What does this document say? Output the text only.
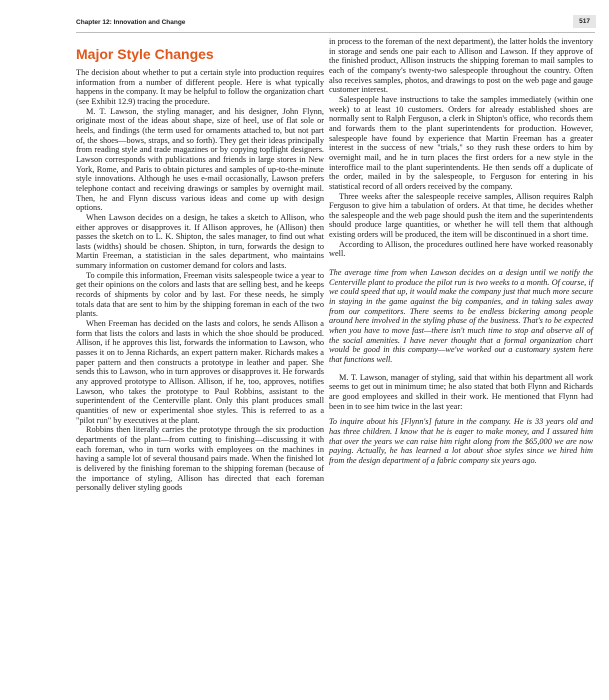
Chapter 12: Innovation and Change	517
Major Style Changes

The decision about whether to put a certain style into production requires information from a number of different people. Here is what typically happens in the company. It may be helpful to follow the organization chart (see Exhibit 12.9) tracing the procedure.

M. T. Lawson, the styling manager, and his designer, John Flynn, originate most of the ideas about shape, size of heel, use of flat sole or heels, and findings (the term used for ornaments attached to, but not part of, the shoes—bows, straps, and so forth). They get their ideas principally from reading style and trade magazines or by copying topflight designers. Lawson corresponds with publications and friends in large stores in New York, Rome, and Paris to obtain pictures and samples of up-to-the-minute style innovations. Although he uses e-mail occasionally, Lawson prefers telephone contact and receiving drawings or samples by overnight mail. Then, he and Flynn discuss various ideas and come up with design options.

When Lawson decides on a design, he takes a sketch to Allison, who either approves or disapproves it. If Allison approves, he (Allison) then passes the sketch on to L. K. Shipton, the sales manager, to find out what lasts (widths) should be chosen. Shipton, in turn, forwards the design to Martin Freeman, a statistician in the sales department, who maintains summary information on customer demand for colors and lasts.

To compile this information, Freeman visits salespeople twice a year to get their opinions on the colors and lasts that are selling best, and he keeps records of shipments by color and by last. For these needs, he simply totals data that are sent to him by the shipping foreman in each of the two plants.

When Freeman has decided on the lasts and colors, he sends Allison a form that lists the colors and lasts in which the shoe should be produced. Allison, if he approves this list, forwards the information to Lawson, who passes it on to Jenna Richards, an expert pattern maker. Richards makes a paper pattern and then constructs a prototype in leather and paper. She sends this to Lawson, who in turn approves or disapproves it. He forwards any approved prototype to Allison. Allison, if he, too, approves, notifies Lawson, who takes the prototype to Paul Robbins, assistant to the superintendent of the Centerville plant. Only this plant produces small quantities of new or experimental shoe styles. This is referred to as a "pilot run" by executives at the plant.

Robbins then literally carries the prototype through the six production departments of the plant—from cutting to finishing—discussing it with each foreman, who in turn works with employees on the machines in having a sample lot of several thousand pairs made. When the finished lot is delivered by the finishing foreman to the shipping foreman (because of the importance of styling, Allison has directed that each foreman personally deliver styling goods

in process to the foreman of the next department), the latter holds the inventory in storage and sends one pair each to Allison and Lawson. If they approve of the finished product, Allison instructs the shipping foreman to mail samples to each of the company's twenty-two salespeople throughout the country. Often also receives samples, photos, and drawings to post on the web page and gauge customer interest.

Salespeople have instructions to take the samples immediately (within one week) to at least 10 customers. Orders for already established shoes are normally sent to Ralph Ferguson, a clerk in Shipton's office, who records them and forwards them to the plant superintendents for production. However, salespeople have found by experience that Martin Freeman has a greater interest in the success of new "trials," so they rush these orders to him by overnight mail, and he in turn places the first orders for a new style in the interoffice mail to the plant superintendents. He then sends off a duplicate of the order, mailed in by the salespeople, to Ferguson for entering in his statistical record of all orders received by the company.

Three weeks after the salespeople receive samples, Allison requires Ralph Ferguson to give him a tabulation of orders. At that time, he decides whether the salespeople and the web page should push the item and the superintendents should produce large quantities, or whether he will tell them that although existing orders will be produced, the item will be discontinued in a short time.

According to Allison, the procedures outlined here have worked reasonably well.

The average time from when Lawson decides on a design until we notify the Centerville plant to produce the pilot run is two weeks to a month. Of course, if we could speed that up, it would make the company just that much more secure in staying in the game against the big companies, and in taking sales away from our competitors. There seems to be endless bickering among people around here involved in the styling phase of the business. That's to be expected when you have to move fast—there isn't much time to stop and observe all of the social amenities. I have never thought that a formal organization chart would be good in this company—we've worked out a customary system here that functions well.

M. T. Lawson, manager of styling, said that within his department all work seems to get out in minimum time; he also stated that both Flynn and Richards are good employees and skilled in their work. He mentioned that Flynn had been in to see him twice in the last year:

To inquire about his [Flynn's] future in the company. He is 33 years old and has three children. I know that he is eager to make money, and I assured him that over the years we can raise him right along from the $65,000 we are now paying. Actually, he has learned a lot about shoe styles since we hired him from the design department of a fabric company six years ago.
